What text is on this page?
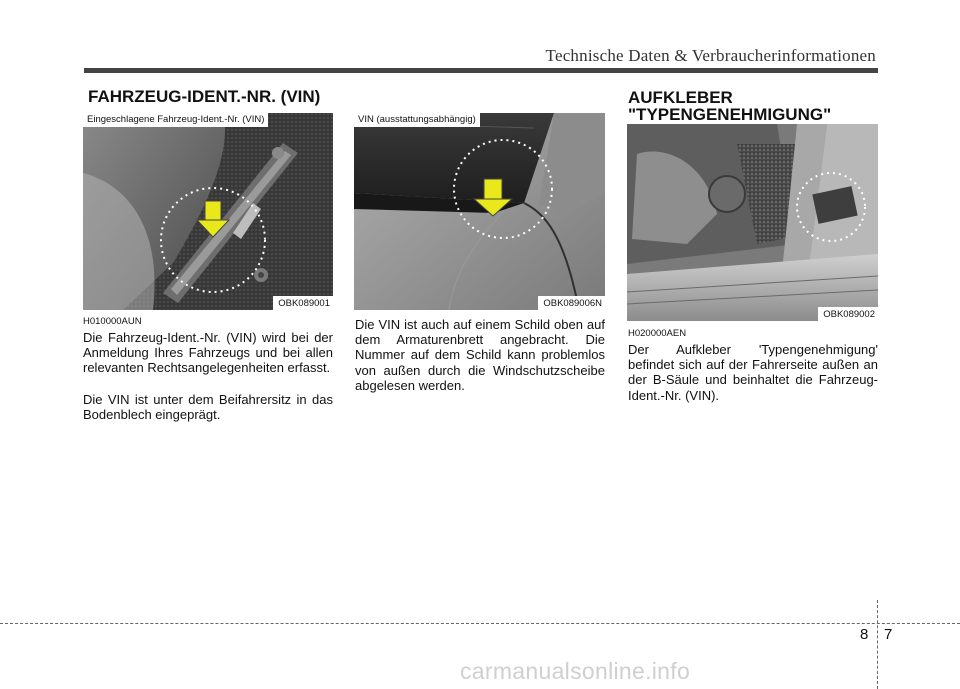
Technische Daten & Verbraucherinformationen
FAHRZEUG-IDENT.-NR. (VIN)
Eingeschlagene Fahrzeug-Ident.-Nr. (VIN)
OBK089001
H010000AUN

Die Fahrzeug-Ident.-Nr. (VIN) wird bei der Anmeldung Ihres Fahrzeugs und bei allen relevanten Rechtsangelegenheiten erfasst.

Die VIN ist unter dem Beifahrersitz in das Bodenblech eingeprägt.

VIN (ausstattungsabhängig)
OBK089006N

Die VIN ist auch auf einem Schild oben auf dem Armaturenbrett angebracht. Die Nummer auf dem Schild kann problemlos von außen durch die Windschutzscheibe abgelesen werden.

AUFKLEBER
"TYPENGENEHMIGUNG"
OBK089002
H020000AEN

Der Aufkleber 'Typengenehmigung' befindet sich auf der Fahrerseite außen an der B-Säule und beinhaltet die Fahrzeug-Ident.-Nr. (VIN).

8 7
carmanualsonline.info
